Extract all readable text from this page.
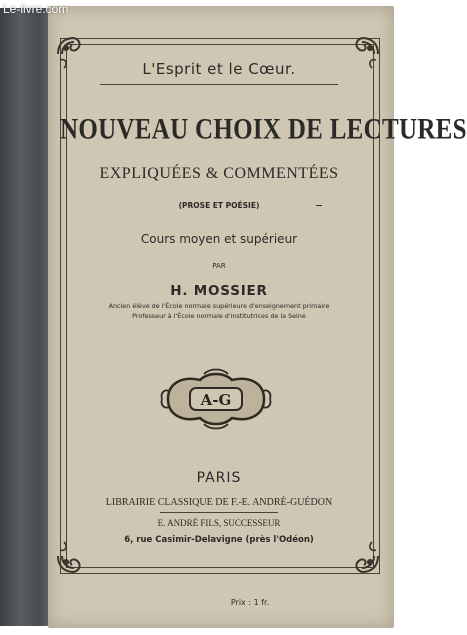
L'Esprit et le Cœur.
NOUVEAU CHOIX DE LECTURES
EXPLIQUÉES & COMMENTÉES
(PROSE ET POÉSIE)
Cours moyen et supérieur
PAR
H. MOSSIER
Ancien élève de l'École normale supérieure d'enseignement primaire
Professeur à l'École normale d'institutrices de la Seine
A-G
PARIS
LIBRAIRIE CLASSIQUE DE F.-E. ANDRÉ-GUÉDON
E. ANDRÉ FILS, SUCCESSEUR
6, rue Casimir-Delavigne (près l'Odéon)
Prix : 1 fr.
Le-livre.com
